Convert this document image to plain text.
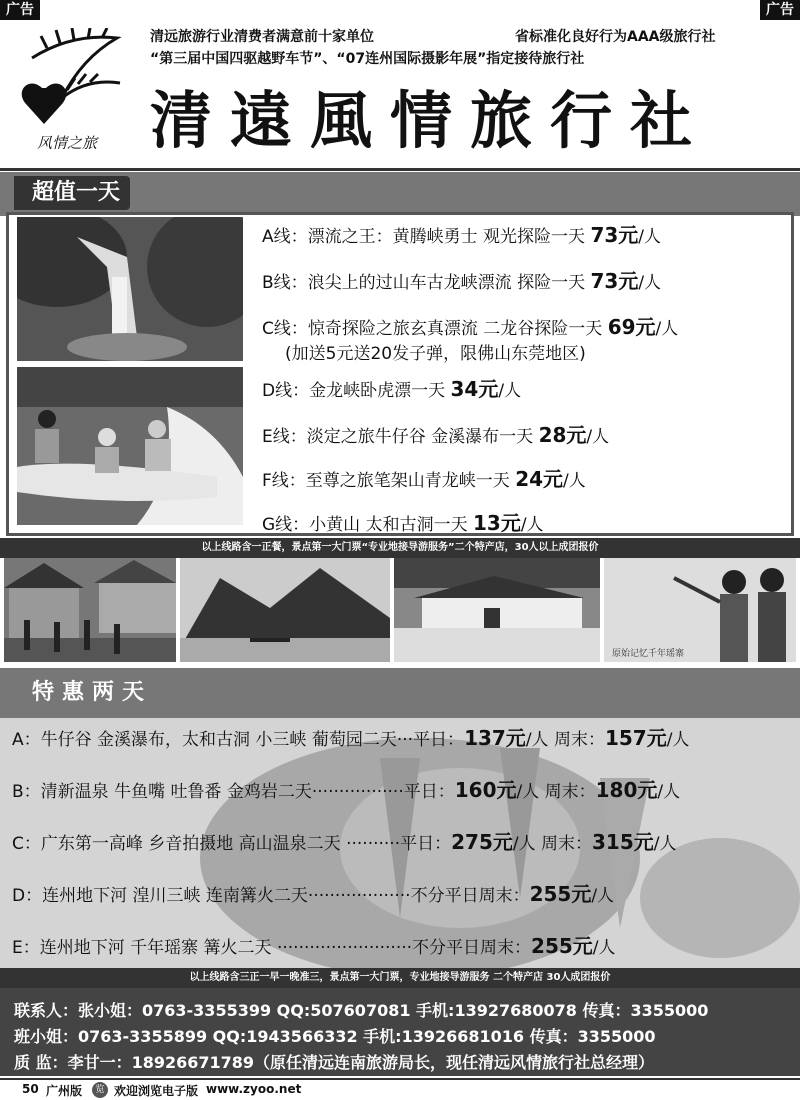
广告	广告
风情之旅
清远旅游行业清费者满意前十家单位	省标准化良好行为AAA级旅行社
“第三届中国四驱越野车节”、“07连州国际摄影年展”指定接待旅行社
清遠風情旅行社
超值一天
A线：漂流之王：黄腾峡勇士 观光探险一天 73元/人
B线：浪尖上的过山车古龙峡漂流 探险一天 73元/人
C线：惊奇探险之旅玄真漂流 二龙谷探险一天 69元/人
(加送5元送20发子弹，限佛山东莞地区)
D线：金龙峡卧虎漂一天 34元/人
E线：淡定之旅牛仔谷 金溪瀑布一天 28元/人
F线：至尊之旅笔架山青龙峡一天 24元/人
G线：小黄山 太和古洞一天 13元/人
以上线路含一正餐，景点第一大门票“专业地接导游服务”二个特产店，30人以上成团报价
原始记忆千年瑶寨
特惠两天
A：牛仔谷 金溪瀑布，太和古洞 小三峡 葡萄园二天···平日：137元/人 周末：157元/人
B：清新温泉 牛鱼嘴 吐鲁番 金鸡岩二天·················平日：160元/人 周末：180元/人
C：广东第一高峰 乡音拍摄地 高山温泉二天 ··········平日：275元/人 周末：315元/人
D：连州地下河 湟川三峡 连南篝火二天···················不分平日周末：255元/人
E：连州地下河 千年瑶寨 篝火二天 ·························不分平日周末：255元/人
以上线路含三正一早一晚准三，景点第一大门票，专业地接导游服务 二个特产店 30人成团报价
联系人：张小姐：0763-3355399 QQ:507607081 手机:13927680078 传真：3355000
班小姐：0763-3355899 QQ:1943566332 手机:13926681016 传真：3355000
质 监：李甘一：18926671789（原任清远连南旅游局长，现任清远风情旅行社总经理）
50 广州版	览 欢迎浏览电子版 www.zyoo.net
